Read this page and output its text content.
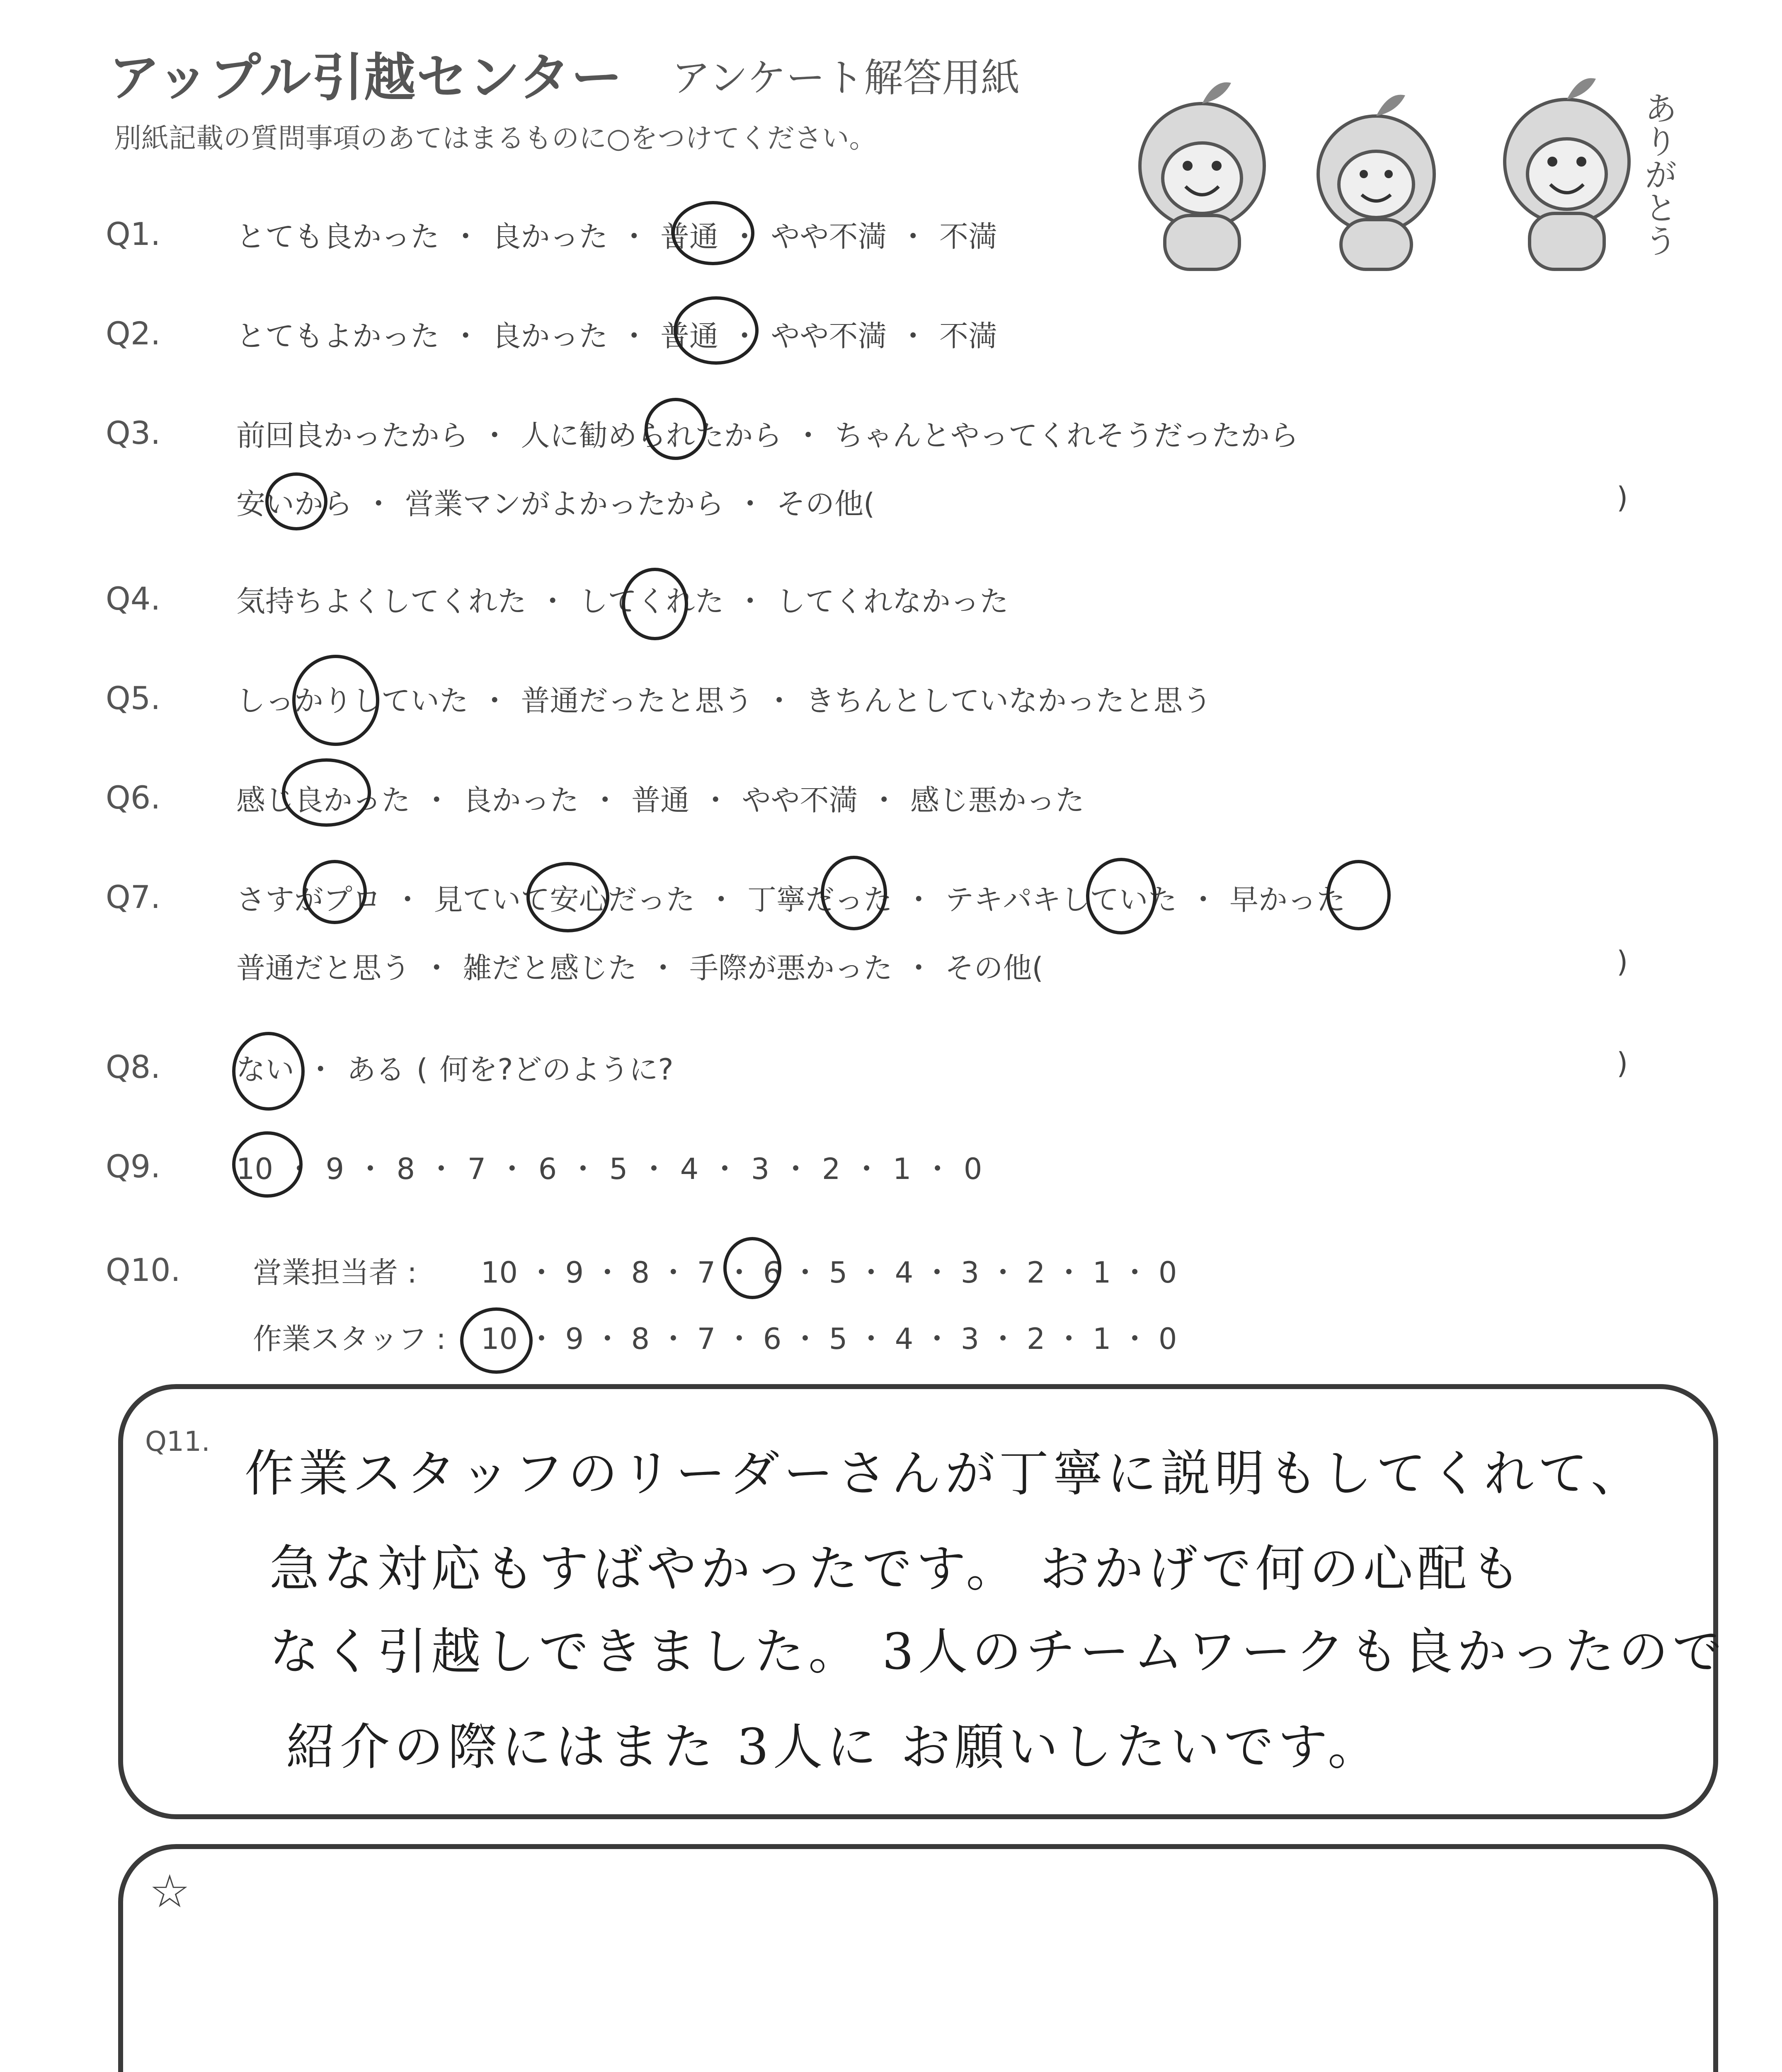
アップル引越センター アンケート解答用紙
別紙記載の質問事項のあてはまるものに○をつけてください。	ありがとう
Q1.	とても良かった ・ 良かった ・ 普通 ・ やや不満 ・ 不満
Q2.	とてもよかった ・ 良かった ・ 普通 ・ やや不満 ・ 不満
Q3.	前回良かったから ・ 人に勧められたから ・ ちゃんとやってくれそうだったから
安いから ・ 営業マンがよかったから ・ その他(	)
Q4.	気持ちよくしてくれた ・ してくれた ・ してくれなかった
Q5.	しっかりしていた ・ 普通だったと思う ・ きちんとしていなかったと思う
Q6.	感じ良かった ・ 良かった ・ 普通 ・ やや不満 ・ 感じ悪かった
Q7.	さすがプロ ・ 見ていて安心だった ・ 丁寧だった ・ テキパキしていた ・ 早かった
普通だと思う ・ 雑だと感じた ・ 手際が悪かった ・ その他(	)
Q8.	ない ・ ある ( 何を?どのように?	)
Q9.	10 ・ 9 ・ 8 ・ 7 ・ 6 ・ 5 ・ 4 ・ 3 ・ 2 ・ 1 ・ 0
Q10. 営業担当者 : 10 ・ 9 ・ 8 ・ 7 ・ 6 ・ 5 ・ 4 ・ 3 ・ 2 ・ 1 ・ 0
作業スタッフ : 10 ・ 9 ・ 8 ・ 7 ・ 6 ・ 5 ・ 4 ・ 3 ・ 2 ・ 1 ・ 0
Q11.
作業スタッフのリーダーさんが丁寧に説明もしてくれて、
急な対応もすばやかったです。 おかげで何の心配も
なく引越しできました。 3人のチームワークも良かったので
紹介の際にはまた 3人に お願いしたいです。
☆
